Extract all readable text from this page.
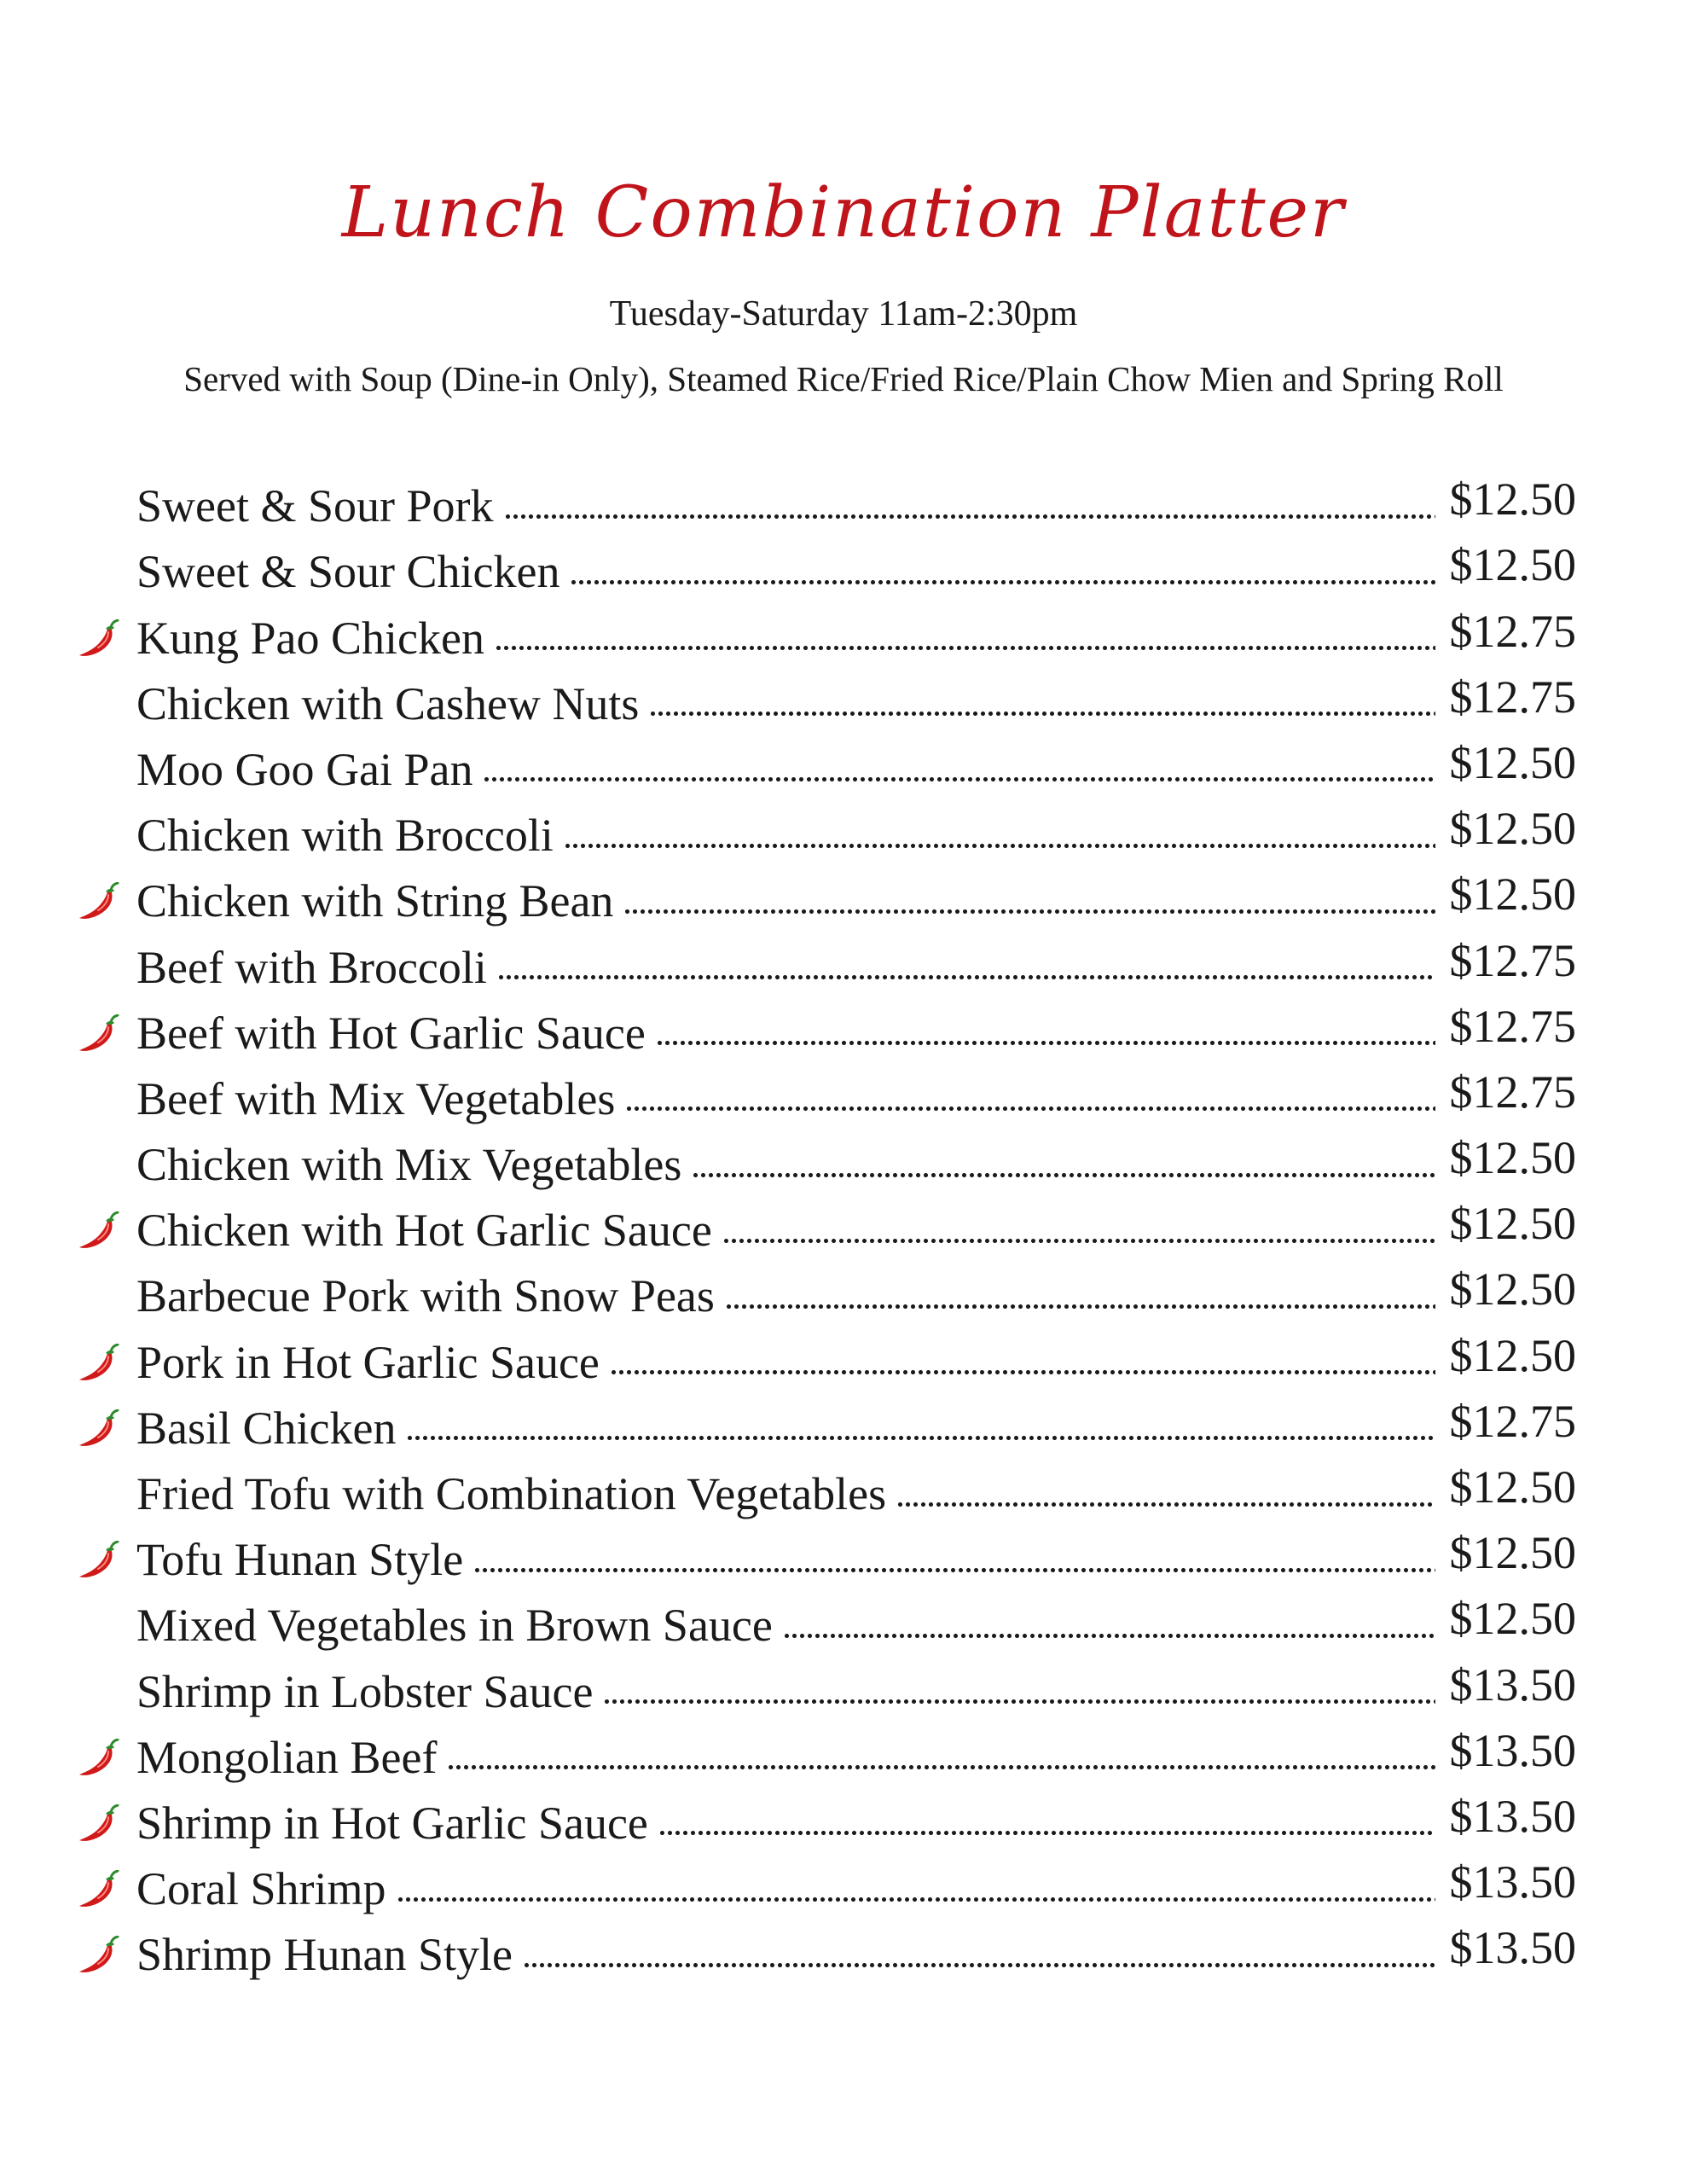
Lunch Combination Platter
Tuesday-Saturday 11am-2:30pm
Served with Soup (Dine-in Only), Steamed Rice/Fried Rice/Plain Chow Mien and Spring Roll
Sweet & Sour Pork	$12.50
Sweet & Sour Chicken	$12.50
Kung Pao Chicken	$12.75
Chicken with Cashew Nuts	$12.75
Moo Goo Gai Pan	$12.50
Chicken with Broccoli	$12.50
Chicken with String Bean	$12.50
Beef with Broccoli	$12.75
Beef with Hot Garlic Sauce	$12.75
Beef with Mix Vegetables	$12.75
Chicken with Mix Vegetables	$12.50
Chicken with Hot Garlic Sauce	$12.50
Barbecue Pork with Snow Peas	$12.50
Pork in Hot Garlic Sauce	$12.50
Basil Chicken	$12.75
Fried Tofu with Combination Vegetables	$12.50
Tofu Hunan Style	$12.50
Mixed Vegetables in Brown Sauce	$12.50
Shrimp in Lobster Sauce	$13.50
Mongolian Beef	$13.50
Shrimp in Hot Garlic Sauce	$13.50
Coral Shrimp	$13.50
Shrimp Hunan Style	$13.50
